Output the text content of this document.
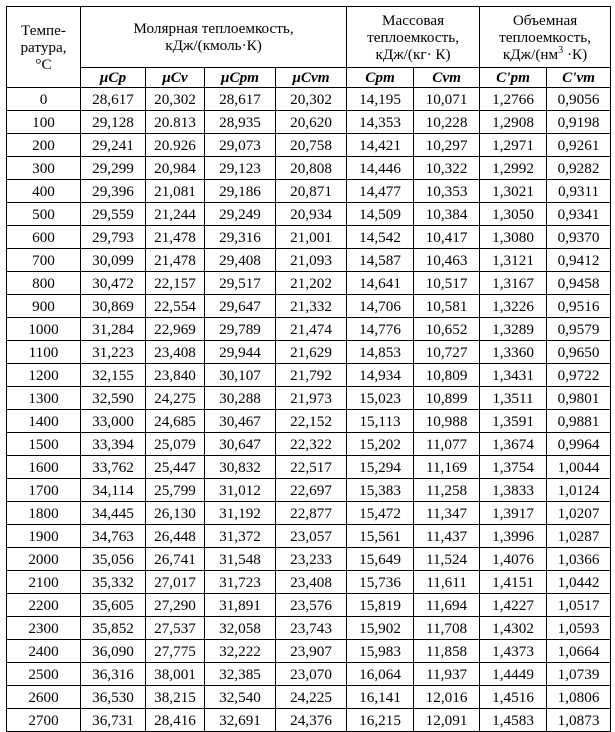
Темпе-
ратура,
°C	Молярная теплоемкость,
кДж/(кмоль·К)				Массовая
теплоемкость,
кДж/(кг· К)		Объемная
теплоемкость,
кДж/$(нм^3 \cdot К)$	
	μCp	μCv	μCpm	μCvm	Cpm	Cvm	C'pm	C'vm
0	28,617	20,302	28,617	20,302	14,195	10,071	1,2766	0,9056
100	29,128	20.813	28,935	20,620	14,353	10,228	1,2908	0,9198
200	29,241	20.926	29,073	20,758	14,421	10,297	1,2971	0,9261
300	29,299	20,984	29,123	20,808	14,446	10,322	1,2992	0,9282
400	29,396	21,081	29,186	20,871	14,477	10,353	1,3021	0,9311
500	29,559	21,244	29,249	20,934	14,509	10,384	1,3050	0,9341
600	29,793	21,478	29,316	21,001	14,542	10,417	1,3080	0,9370
700	30,099	21,478	29,408	21,093	14,587	10,463	1,3121	0,9412
800	30,472	22,157	29,517	21,202	14,641	10,517	1,3167	0,9458
900	30,869	22,554	29,647	21,332	14,706	10,581	1,3226	0,9516
1000	31,284	22,969	29,789	21,474	14,776	10,652	1,3289	0,9579
1100	31,223	23,408	29,944	21,629	14,853	10,727	1,3360	0,9650
1200	32,155	23,840	30,107	21,792	14,934	10,809	1,3431	0,9722
1300	32,590	24,275	30,288	21,973	15,023	10,899	1,3511	0,9801
1400	33,000	24,685	30,467	22,152	15,113	10,988	1,3591	0,9881
1500	33,394	25,079	30,647	22,322	15,202	11,077	1,3674	0,9964
1600	33,762	25,447	30,832	22,517	15,294	11,169	1,3754	1,0044
1700	34,114	25,799	31,012	22,697	15,383	11,258	1,3833	1,0124
1800	34,445	26,130	31,192	22,877	15,472	11,347	1,3917	1,0207
1900	34,763	26,448	31,372	23,057	15,561	11,437	1,3996	1,0287
2000	35,056	26,741	31,548	23,233	15,649	11,524	1,4076	1,0366
2100	35,332	27,017	31,723	23,408	15,736	11,611	1,4151	1,0442
2200	35,605	27,290	31,891	23,576	15,819	11,694	1,4227	1,0517
2300	35,852	27,537	32,058	23,743	15,902	11,708	1,4302	1,0593
2400	36,090	27,775	32,222	23,907	15,983	11,858	1,4373	1,0664
2500	36,316	38,001	32,385	23,070	16,064	11,937	1,4449	1,0739
2600	36,530	38,215	32,540	24,225	16,141	12,016	1,4516	1,0806
2700	36,731	28,416	32,691	24,376	16,215	12,091	1,4583	1,0873
